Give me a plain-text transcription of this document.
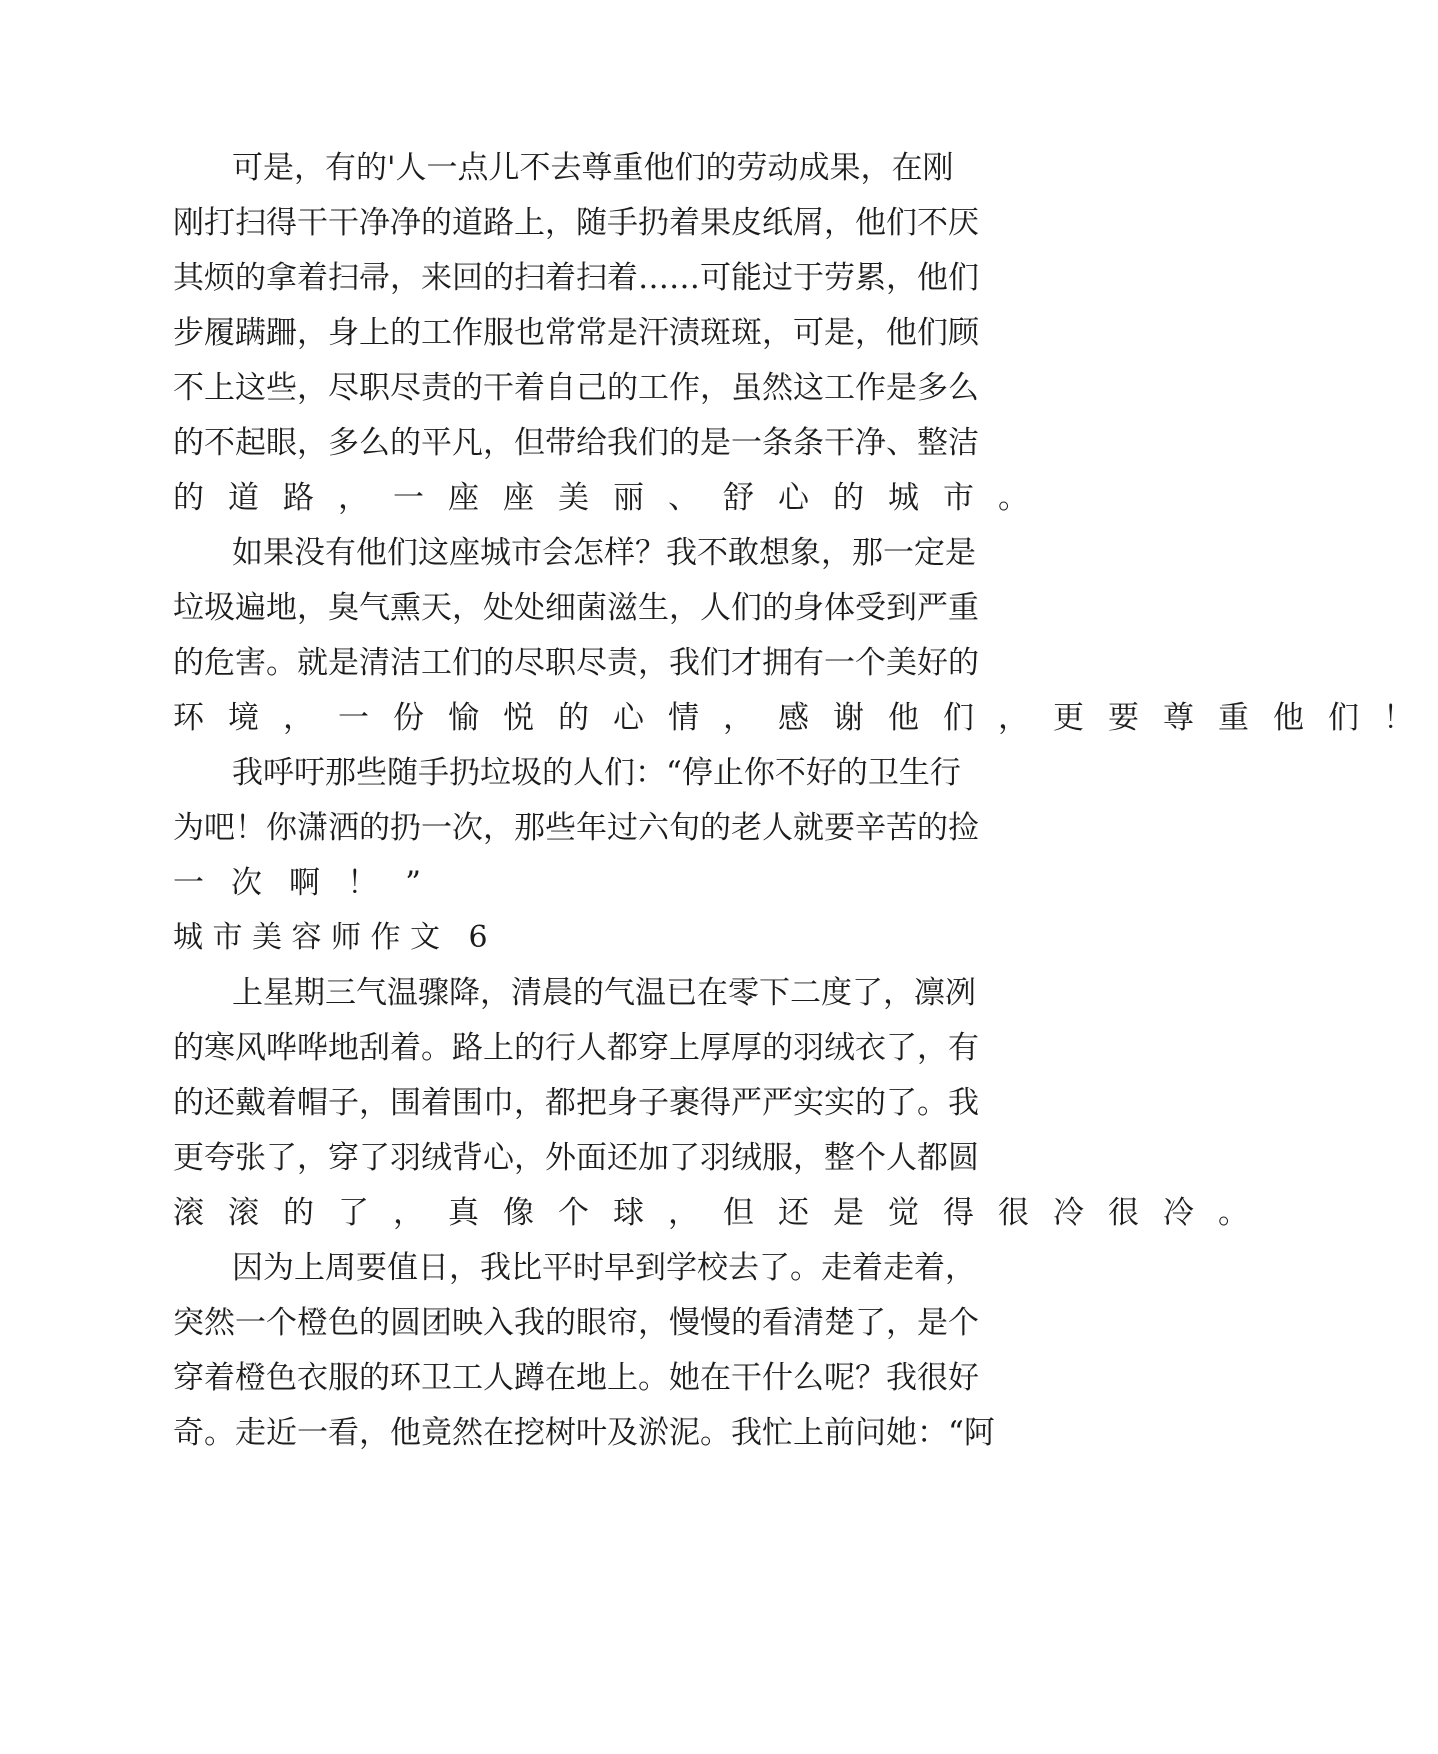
可是，有的'人一点儿不去尊重他们的劳动成果，在刚
刚打扫得干干净净的道路上，随手扔着果皮纸屑，他们不厌
其烦的拿着扫帚，来回的扫着扫着……可能过于劳累，他们
步履蹒跚，身上的工作服也常常是汗渍斑斑，可是，他们顾
不上这些，尽职尽责的干着自己的工作，虽然这工作是多么
的不起眼，多么的平凡，但带给我们的是一条条干净、整洁
的道路，一座座美丽、舒心的城市。
如果没有他们这座城市会怎样？我不敢想象，那一定是
垃圾遍地，臭气熏天，处处细菌滋生，人们的身体受到严重
的危害。就是清洁工们的尽职尽责，我们才拥有一个美好的
环境，一份愉悦的心情，感谢他们，更要尊重他们！
我呼吁那些随手扔垃圾的人们：“停止你不好的卫生行
为吧！你潇洒的扔一次，那些年过六旬的老人就要辛苦的捡
一次啊！”
城市美容师作文 6
上星期三气温骤降，清晨的气温已在零下二度了，凛冽
的寒风哗哗地刮着。路上的行人都穿上厚厚的羽绒衣了，有
的还戴着帽子，围着围巾，都把身子裹得严严实实的了。我
更夸张了，穿了羽绒背心，外面还加了羽绒服，整个人都圆
滚滚的了，真像个球，但还是觉得很冷很冷。
因为上周要值日，我比平时早到学校去了。走着走着，
突然一个橙色的圆团映入我的眼帘，慢慢的看清楚了，是个
穿着橙色衣服的环卫工人蹲在地上。她在干什么呢？我很好
奇。走近一看，他竟然在挖树叶及淤泥。我忙上前问她：“阿
